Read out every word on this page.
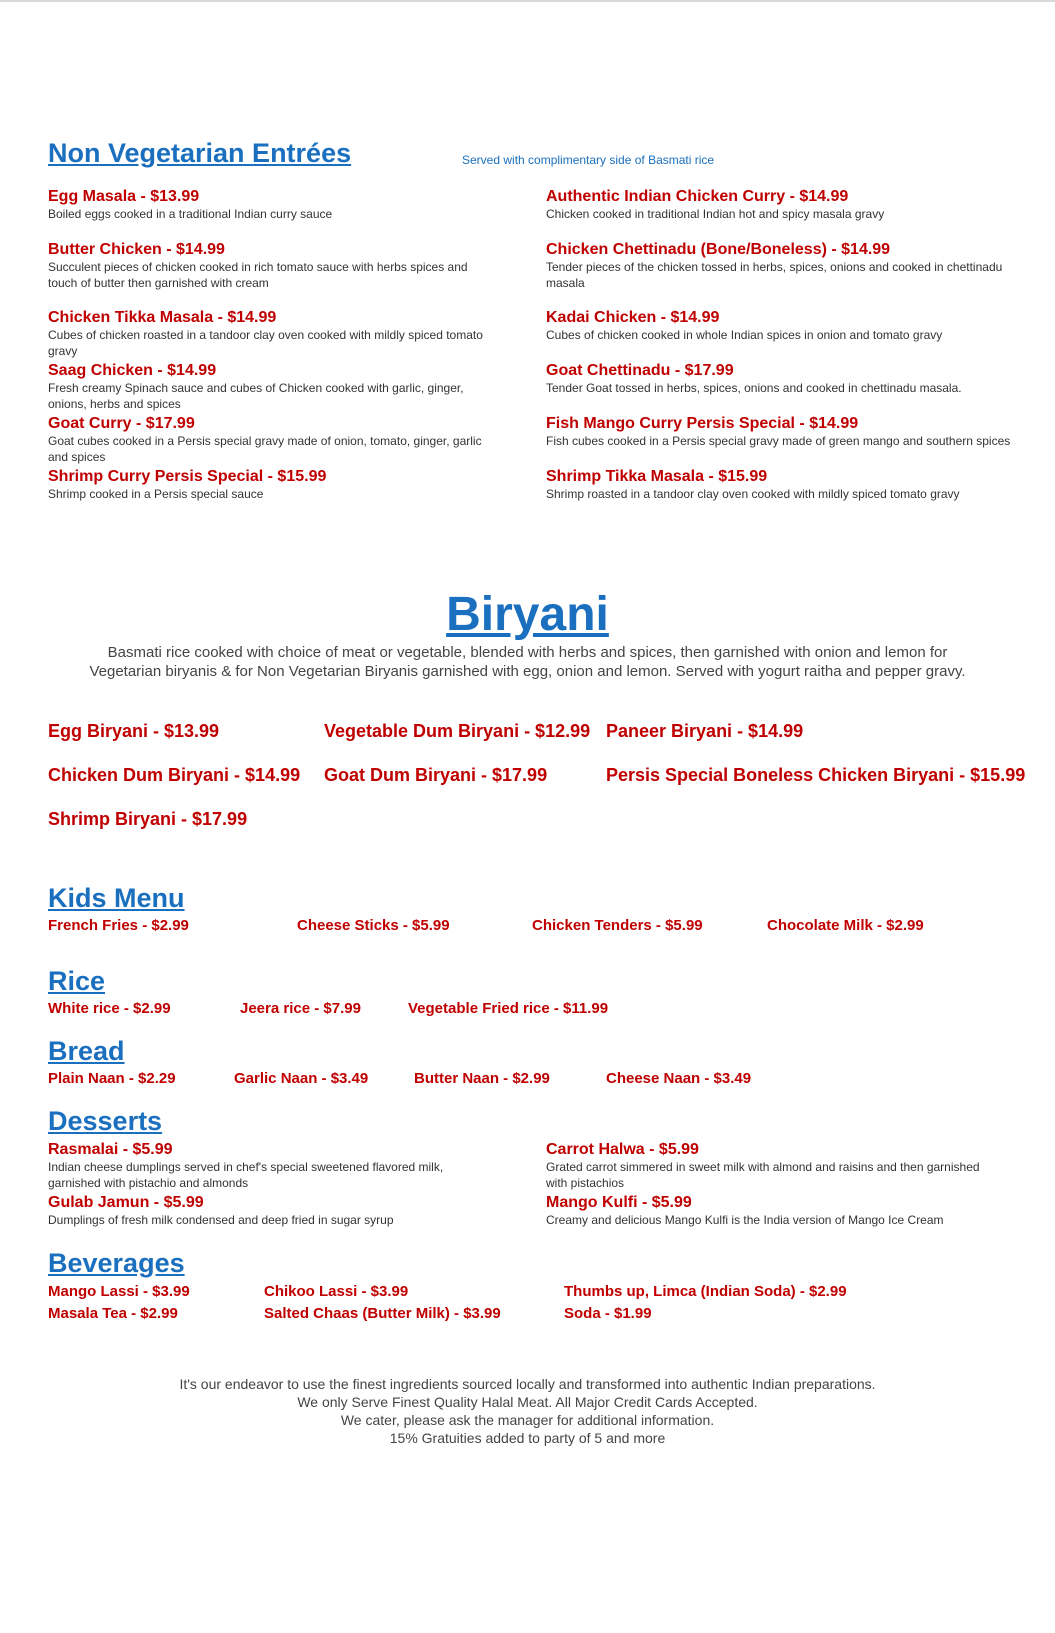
Non Vegetarian Entrées	Served with complimentary side of Basmati rice
Egg Masala - $13.99
Boiled eggs cooked in a traditional Indian curry sauce
Butter Chicken - $14.99
Succulent pieces of chicken cooked in rich tomato sauce with herbs spices and touch of butter then garnished with cream
Chicken Tikka Masala - $14.99
Cubes of chicken roasted in a tandoor clay oven cooked with mildly spiced tomato gravy
Saag Chicken - $14.99
Fresh creamy Spinach sauce and cubes of Chicken cooked with garlic, ginger, onions, herbs and spices
Goat Curry - $17.99
Goat cubes cooked in a Persis special gravy made of onion, tomato, ginger, garlic and spices
Shrimp Curry Persis Special - $15.99
Shrimp cooked in a Persis special sauce
Authentic Indian Chicken Curry - $14.99
Chicken cooked in traditional Indian hot and spicy masala gravy
Chicken Chettinadu (Bone/Boneless) - $14.99
Tender pieces of the chicken tossed in herbs, spices, onions and cooked in chettinadu masala
Kadai Chicken - $14.99
Cubes of chicken cooked in whole Indian spices in onion and tomato gravy
Goat Chettinadu - $17.99
Tender Goat tossed in herbs, spices, onions and cooked in chettinadu masala.
Fish Mango Curry Persis Special - $14.99
Fish cubes cooked in a Persis special gravy made of green mango and southern spices
Shrimp Tikka Masala - $15.99
Shrimp roasted in a tandoor clay oven cooked with mildly spiced tomato gravy
Biryani
Basmati rice cooked with choice of meat or vegetable, blended with herbs and spices, then garnished with onion and lemon for
Vegetarian biryanis & for Non Vegetarian Biryanis garnished with egg, onion and lemon. Served with yogurt raitha and pepper gravy.
Egg Biryani - $13.99	Vegetable Dum Biryani - $12.99 Paneer Biryani - $14.99
Chicken Dum Biryani - $14.99 Goat Dum Biryani - $17.99	Persis Special Boneless Chicken Biryani - $15.99
Shrimp Biryani - $17.99
Kids Menu
French Fries - $2.99	Cheese Sticks - $5.99	Chicken Tenders - $5.99	Chocolate Milk - $2.99
Rice
White rice - $2.99	Jeera rice - $7.99	Vegetable Fried rice - $11.99
Bread
Plain Naan - $2.29	Garlic Naan - $3.49	Butter Naan - $2.99	Cheese Naan - $3.49
Desserts
Rasmalai - $5.99
Indian cheese dumplings served in chef's special sweetened flavored milk, garnished with pistachio and almonds
Carrot Halwa - $5.99
Grated carrot simmered in sweet milk with almond and raisins and then garnished with pistachios
Gulab Jamun - $5.99
Dumplings of fresh milk condensed and deep fried in sugar syrup
Mango Kulfi - $5.99
Creamy and delicious Mango Kulfi is the India version of Mango Ice Cream
Beverages
Mango Lassi - $3.99	Chikoo Lassi - $3.99	Thumbs up, Limca (Indian Soda) - $2.99
Masala Tea - $2.99	Salted Chaas (Butter Milk) - $3.99	Soda - $1.99
It's our endeavor to use the finest ingredients sourced locally and transformed into authentic Indian preparations.
We only Serve Finest Quality Halal Meat. All Major Credit Cards Accepted.
We cater, please ask the manager for additional information.
15% Gratuities added to party of 5 and more
